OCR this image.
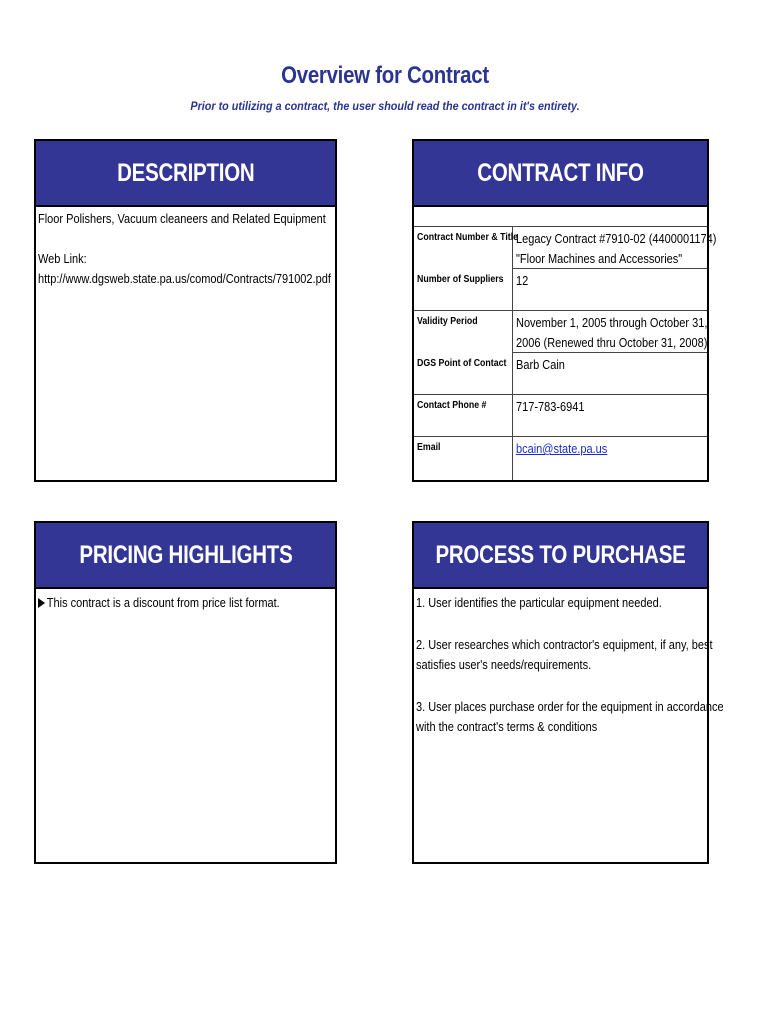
Overview for Contract
Prior to utilizing a contract, the user should read the contract in it's entirety.
DESCRIPTION
Floor Polishers, Vacuum cleaneers and Related Equipment
Web Link:
http://www.dgsweb.state.pa.us/comod/Contracts/791002.pdf
CONTRACT INFO
Contract Number & Title
Legacy Contract #7910-02 (4400001174)
"Floor Machines and Accessories"
Number of Suppliers 12
Validity Period	November 1, 2005 through October 31,
2006 (Renewed thru October 31, 2008)
DGS Point of Contact Barb Cain
Contact Phone # 717-783-6941
Email	bcain@state.pa.us
PRICING HIGHLIGHTS
This contract is a discount from price list format.
PROCESS TO PURCHASE
1. User identifies the particular equipment needed.
2. User researches which contractor's equipment, if any, best
satisfies user's needs/requirements.
3. User places purchase order for the equipment in accordance
with the contract's terms & conditions
